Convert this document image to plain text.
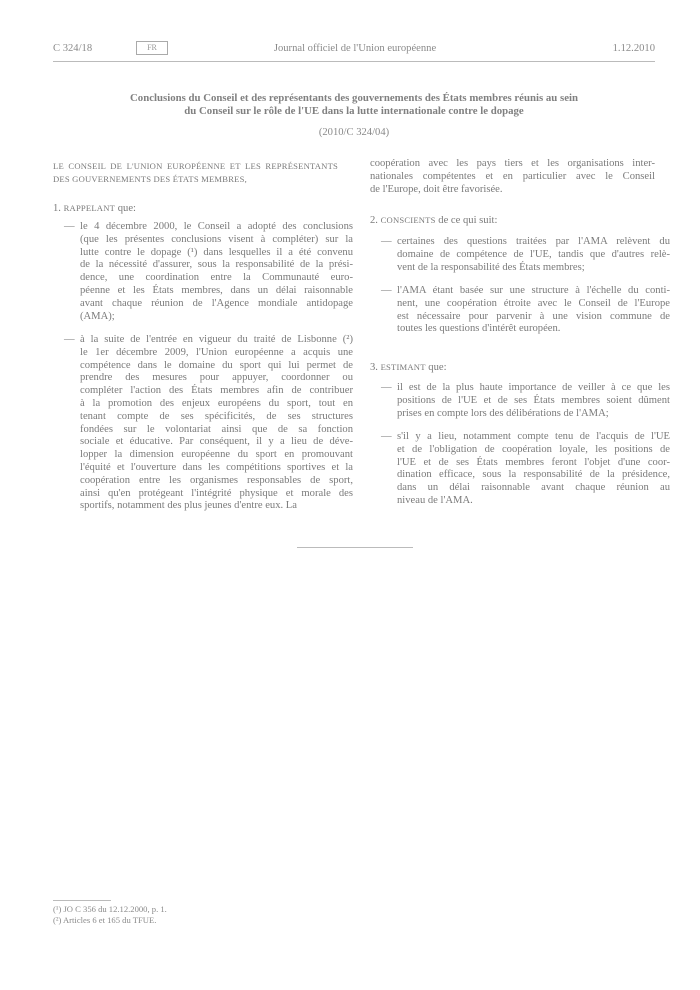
C 324/18	FR	Journal officiel de l'Union européenne	1.12.2010
Conclusions du Conseil et des représentants des gouvernements des États membres réunis au sein
du Conseil sur le rôle de l'UE dans la lutte internationale contre le dopage
(2010/C 324/04)
LE CONSEIL DE L'UNION EUROPÉENNE ET LES REPRÉSENTANTS
DES GOUVERNEMENTS DES ÉTATS MEMBRES,
1. RAPPELANT que:
— le 4 décembre 2000, le Conseil a adopté des conclusions
(que les présentes conclusions visent à compléter) sur la
lutte contre le dopage (¹) dans lesquelles il a été convenu
de la nécessité d'assurer, sous la responsabilité de la prési-
dence, une coordination entre la Communauté euro-
péenne et les États membres, dans un délai raisonnable
avant chaque réunion de l'Agence mondiale antidopage
(AMA);
— à la suite de l'entrée en vigueur du traité de Lisbonne (²)
le 1er décembre 2009, l'Union européenne a acquis une
compétence dans le domaine du sport qui lui permet de
prendre des mesures pour appuyer, coordonner ou
compléter l'action des États membres afin de contribuer
à la promotion des enjeux européens du sport, tout en
tenant compte de ses spécificités, de ses structures
fondées sur le volontariat ainsi que de sa fonction
sociale et éducative. Par conséquent, il y a lieu de déve-
lopper la dimension européenne du sport en promouvant
l'équité et l'ouverture dans les compétitions sportives et la
coopération entre les organismes responsables de sport,
ainsi qu'en protégeant l'intégrité physique et morale des
sportifs, notamment des plus jeunes d'entre eux. La
coopération avec les pays tiers et les organisations inter-
nationales compétentes et en particulier avec le Conseil
de l'Europe, doit être favorisée.
2. CONSCIENTS de ce qui suit:
— certaines des questions traitées par l'AMA relèvent du
domaine de compétence de l'UE, tandis que d'autres relè-
vent de la responsabilité des États membres;
— l'AMA étant basée sur une structure à l'échelle du conti-
nent, une coopération étroite avec le Conseil de l'Europe
est nécessaire pour parvenir à une vision commune de
toutes les questions d'intérêt européen.
3. ESTIMANT que:
— il est de la plus haute importance de veiller à ce que les
positions de l'UE et de ses États membres soient dûment
prises en compte lors des délibérations de l'AMA;
— s'il y a lieu, notamment compte tenu de l'acquis de l'UE
et de l'obligation de coopération loyale, les positions de
l'UE et de ses États membres feront l'objet d'une coor-
dination efficace, sous la responsabilité de la présidence,
dans un délai raisonnable avant chaque réunion au
niveau de l'AMA.
(¹) JO C 356 du 12.12.2000, p. 1.
(²) Articles 6 et 165 du TFUE.
